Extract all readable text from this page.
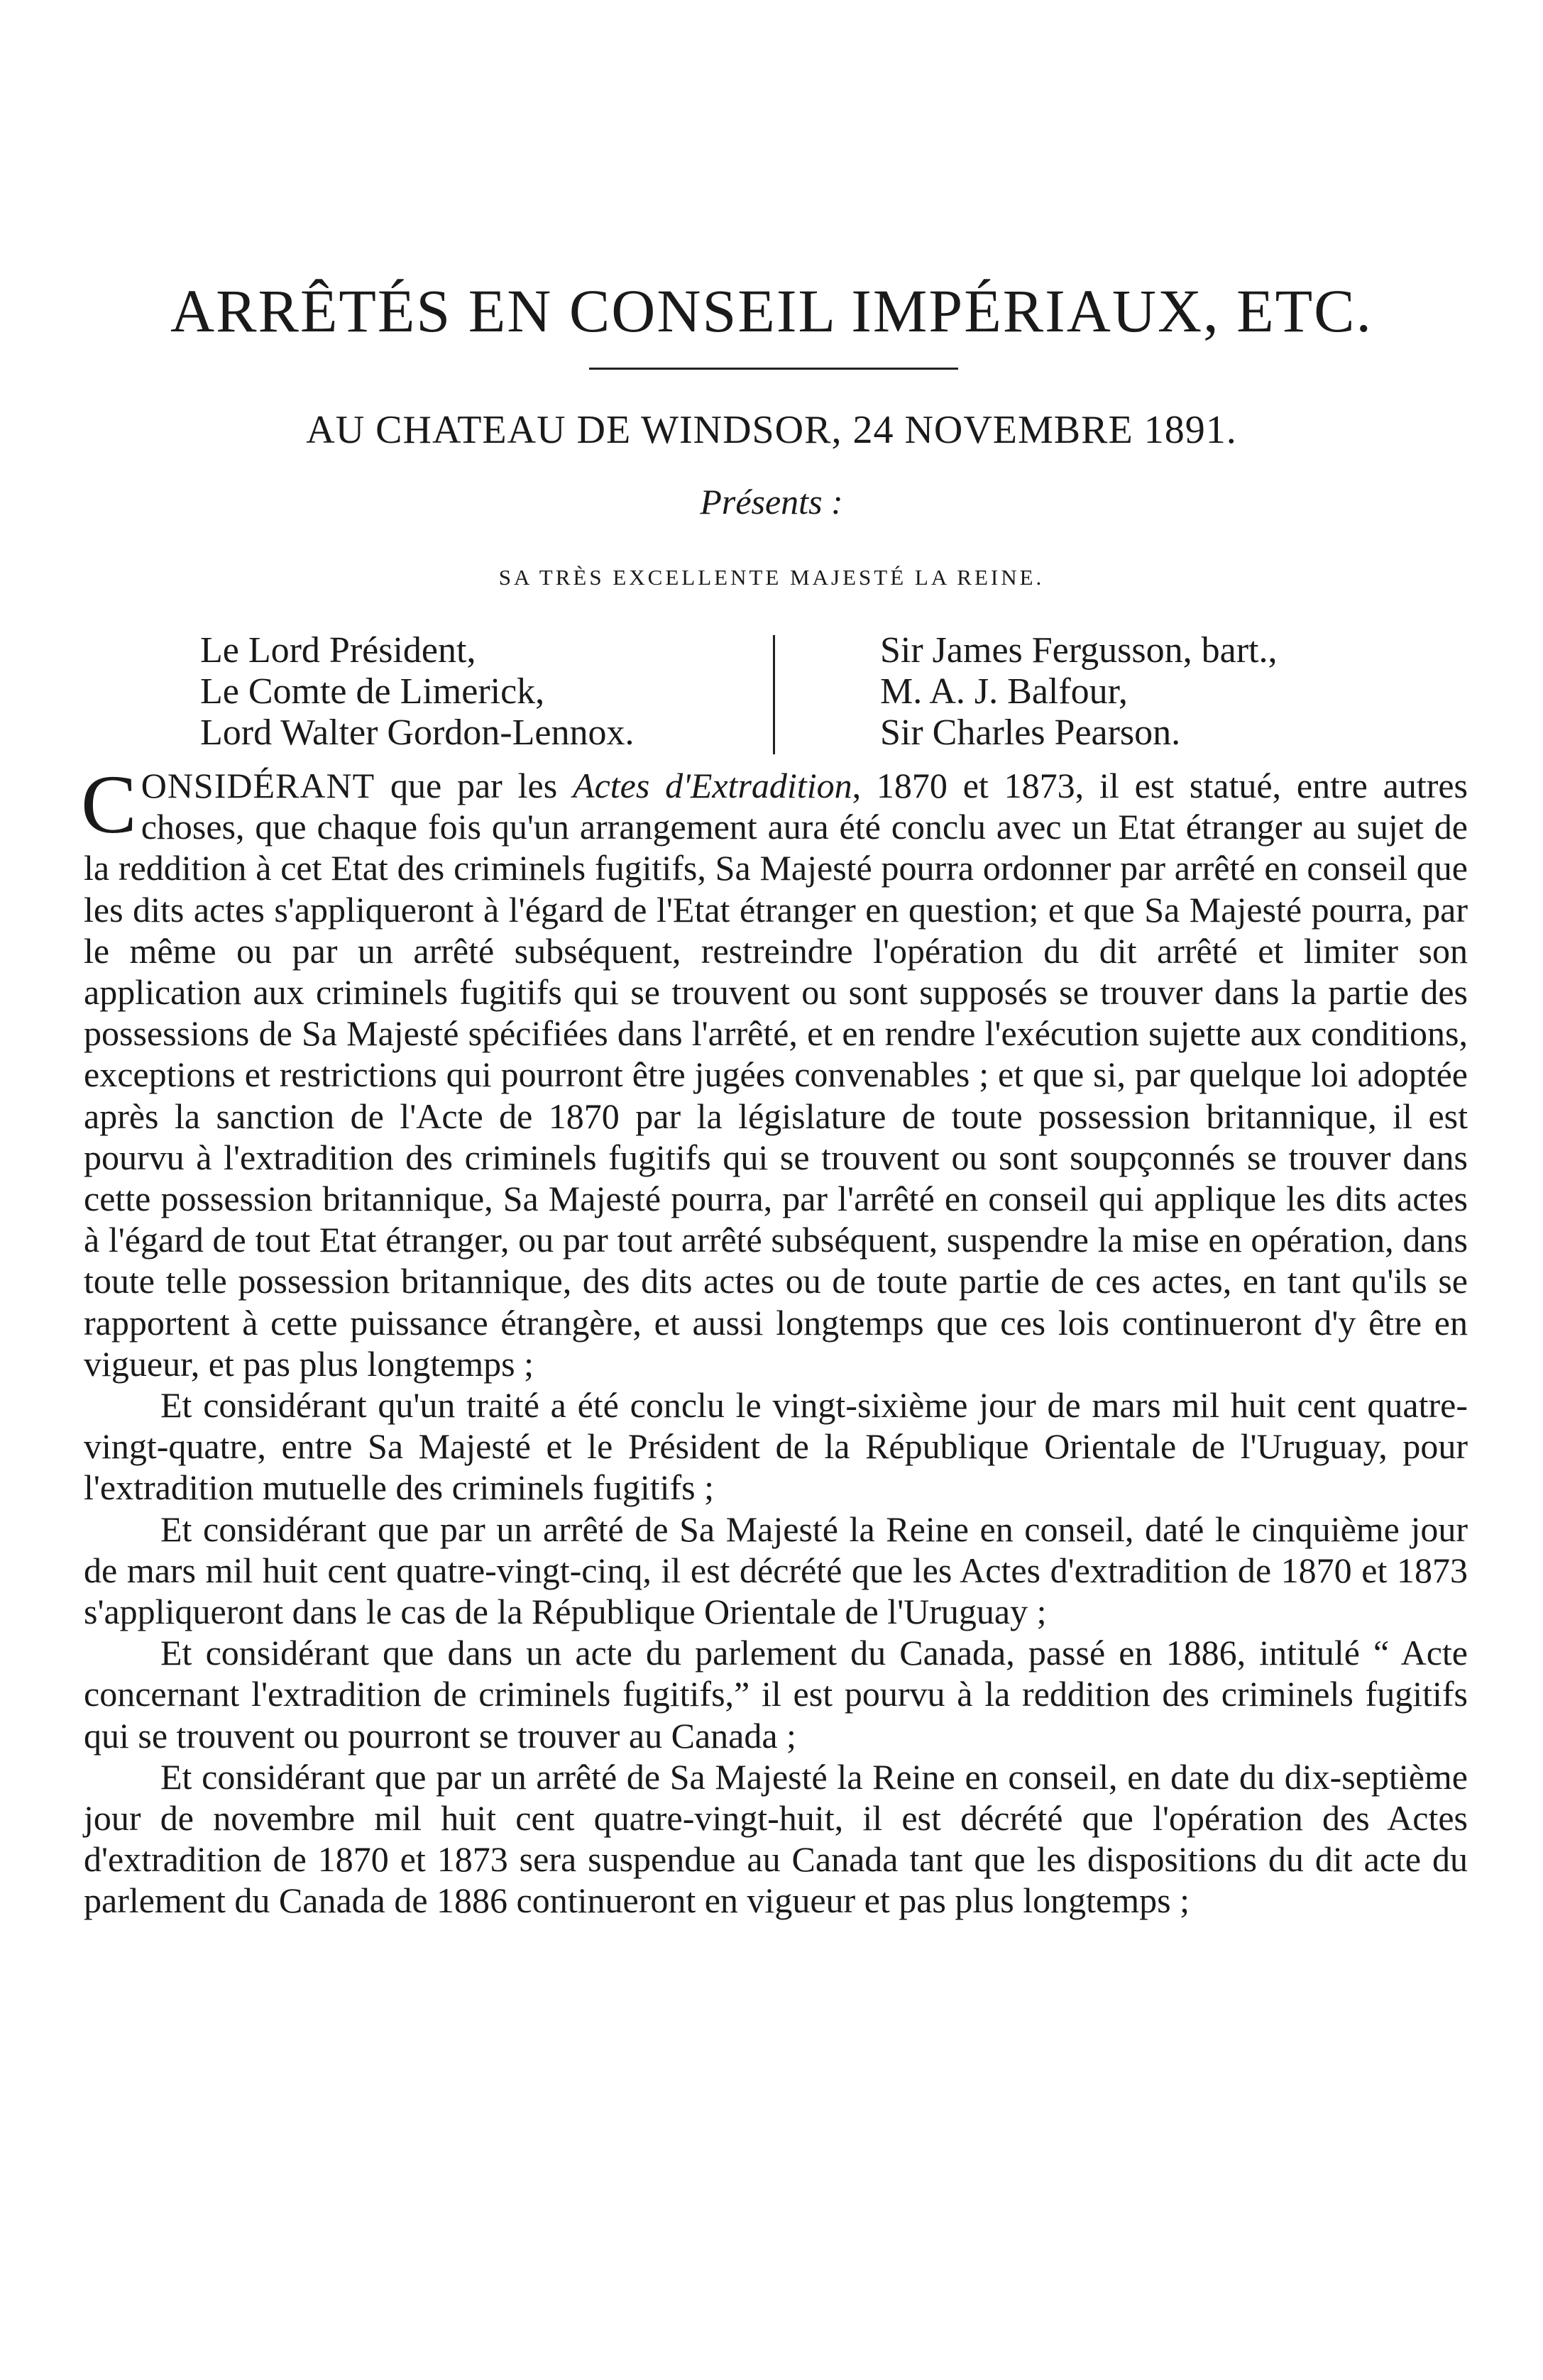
ARRÊTÉS EN CONSEIL IMPÉRIAUX, ETC.
AU CHATEAU DE WINDSOR, 24 NOVEMBRE 1891.
Présents :
SA TRÈS EXCELLENTE MAJESTÉ LA REINE.
Le Lord Président,
Le Comte de Limerick,
Lord Walter Gordon-Lennox.
Sir James Fergusson, bart.,
M. A. J. Balfour,
Sir Charles Pearson.

CONSIDÉRANT que par les Actes d'Extradition, 1870 et 1873, il est statué, entre autres choses, que chaque fois qu'un arrangement aura été conclu avec un Etat étranger au sujet de la reddition à cet Etat des criminels fugitifs, Sa Majesté pourra ordonner par arrêté en conseil que les dits actes s'appliqueront à l'égard de l'Etat étranger en question; et que Sa Majesté pourra, par le même ou par un arrêté subséquent, restreindre l'opération du dit arrêté et limiter son application aux criminels fugitifs qui se trouvent ou sont supposés se trouver dans la partie des possessions de Sa Majesté spécifiées dans l'arrêté, et en rendre l'exécution sujette aux conditions, exceptions et restrictions qui pourront être jugées convenables ; et que si, par quelque loi adoptée après la sanction de l'Acte de 1870 par la législature de toute possession britannique, il est pourvu à l'extradition des criminels fugitifs qui se trouvent ou sont soupçonnés se trouver dans cette possession britannique, Sa Majesté pourra, par l'arrêté en conseil qui applique les dits actes à l'égard de tout Etat étranger, ou par tout arrêté subséquent, suspendre la mise en opération, dans toute telle possession britannique, des dits actes ou de toute partie de ces actes, en tant qu'ils se rapportent à cette puissance étrangère, et aussi longtemps que ces lois continueront d'y être en vigueur, et pas plus longtemps ;

Et considérant qu'un traité a été conclu le vingt-sixième jour de mars mil huit cent quatre-vingt-quatre, entre Sa Majesté et le Président de la République Orientale de l'Uruguay, pour l'extradition mutuelle des criminels fugitifs ;

Et considérant que par un arrêté de Sa Majesté la Reine en conseil, daté le cinquième jour de mars mil huit cent quatre-vingt-cinq, il est décrété que les Actes d'extradition de 1870 et 1873 s'appliqueront dans le cas de la République Orientale de l'Uruguay ;

Et considérant que dans un acte du parlement du Canada, passé en 1886, intitulé “ Acte concernant l'extradition de criminels fugitifs,” il est pourvu à la reddition des criminels fugitifs qui se trouvent ou pourront se trouver au Canada ;

Et considérant que par un arrêté de Sa Majesté la Reine en conseil, en date du dix-septième jour de novembre mil huit cent quatre-vingt-huit, il est décrété que l'opération des Actes d'extradition de 1870 et 1873 sera suspendue au Canada tant que les dispositions du dit acte du parlement du Canada de 1886 continueront en vigueur et pas plus longtemps ;
